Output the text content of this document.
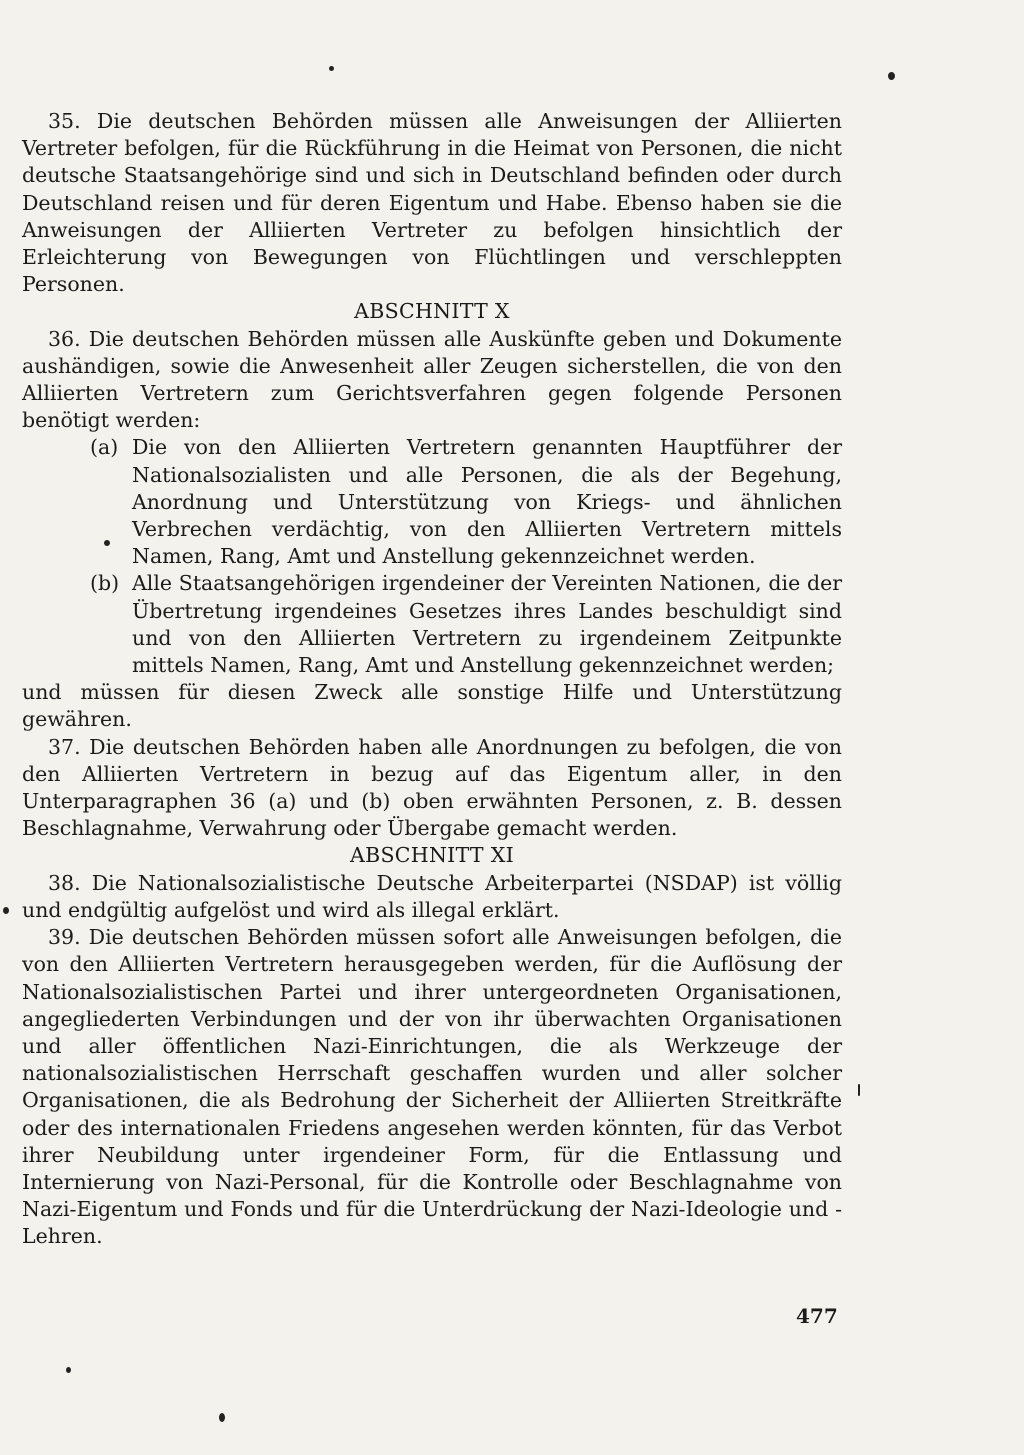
35. Die deutschen Behörden müssen alle Anweisungen der Alliierten Vertreter befolgen, für die Rückführung in die Heimat von Personen, die nicht deutsche Staatsangehörige sind und sich in Deutschland befinden oder durch Deutschland reisen und für deren Eigentum und Habe. Ebenso haben sie die Anweisungen der Alliierten Vertreter zu befolgen hinsichtlich der Erleichterung von Bewegungen von Flüchtlingen und verschleppten Personen.

ABSCHNITT X

36. Die deutschen Behörden müssen alle Auskünfte geben und Dokumente aushändigen, sowie die Anwesenheit aller Zeugen sicherstellen, die von den Alliierten Vertretern zum Gerichtsverfahren gegen folgende Personen benötigt werden:

(a) Die von den Alliierten Vertretern genannten Hauptführer der Nationalsozialisten und alle Personen, die als der Begehung, Anordnung und Unterstützung von Kriegs- und ähnlichen Verbrechen verdächtig, von den Alliierten Vertretern mittels Namen, Rang, Amt und Anstellung gekennzeichnet werden.
(b) Alle Staatsangehörigen irgendeiner der Vereinten Nationen, die der Übertretung irgendeines Gesetzes ihres Landes beschuldigt sind und von den Alliierten Vertretern zu irgendeinem Zeitpunkte mittels Namen, Rang, Amt und Anstellung gekennzeichnet werden;

und müssen für diesen Zweck alle sonstige Hilfe und Unterstützung gewähren.

37. Die deutschen Behörden haben alle Anordnungen zu befolgen, die von den Alliierten Vertretern in bezug auf das Eigentum aller, in den Unterparagraphen 36 (a) und (b) oben erwähnten Personen, z. B. dessen Beschlagnahme, Verwahrung oder Übergabe gemacht werden.

ABSCHNITT XI

38. Die Nationalsozialistische Deutsche Arbeiterpartei (NSDAP) ist völlig und endgültig aufgelöst und wird als illegal erklärt.

39. Die deutschen Behörden müssen sofort alle Anweisungen befolgen, die von den Alliierten Vertretern herausgegeben werden, für die Auflösung der Nationalsozialistischen Partei und ihrer untergeordneten Organisationen, angegliederten Verbindungen und der von ihr überwachten Organisationen und aller öffentlichen Nazi-Einrichtungen, die als Werkzeuge der nationalsozialistischen Herrschaft geschaffen wurden und aller solcher Organisationen, die als Bedrohung der Sicherheit der Alliierten Streitkräfte oder des internationalen Friedens angesehen werden könnten, für das Verbot ihrer Neubildung unter irgendeiner Form, für die Entlassung und Internierung von Nazi-Personal, für die Kontrolle oder Beschlagnahme von Nazi-Eigentum und Fonds und für die Unterdrückung der Nazi-Ideologie und -Lehren.

477
